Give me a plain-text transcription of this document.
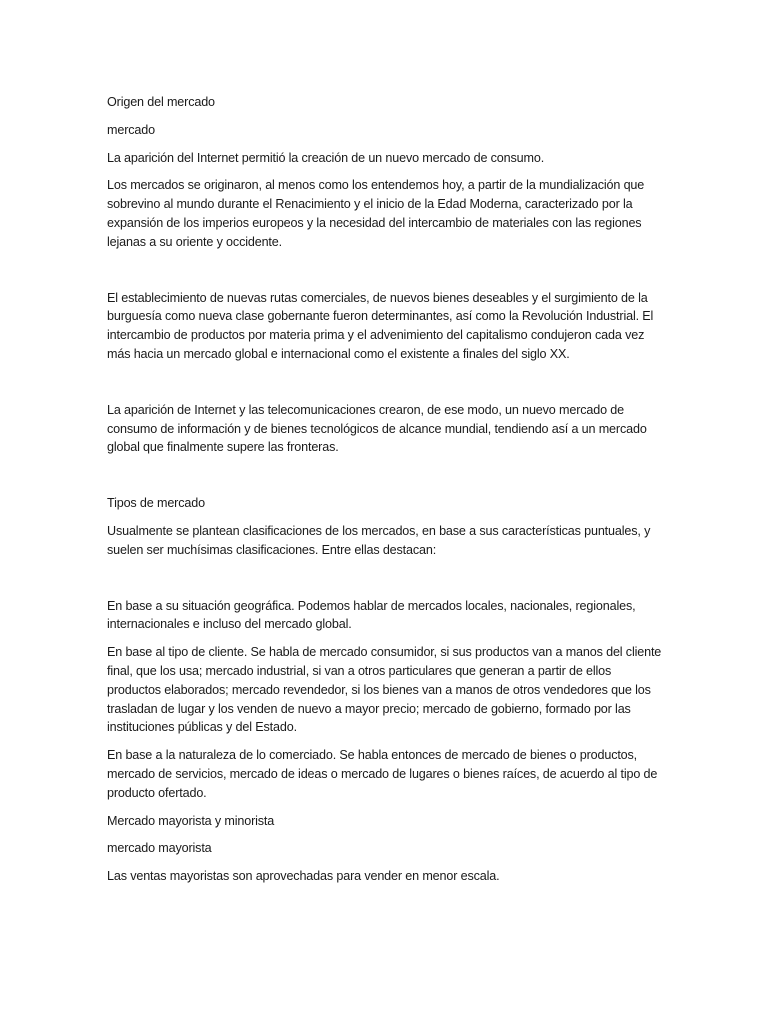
Origen del mercado

mercado

La aparición del Internet permitió la creación de un nuevo mercado de consumo.

Los mercados se originaron, al menos como los entendemos hoy, a partir de la mundialización que sobrevino al mundo durante el Renacimiento y el inicio de la Edad Moderna, caracterizado por la expansión de los imperios europeos y la necesidad del intercambio de materiales con las regiones lejanas a su oriente y occidente.

El establecimiento de nuevas rutas comerciales, de nuevos bienes deseables y el surgimiento de la burguesía como nueva clase gobernante fueron determinantes, así como la Revolución Industrial. El intercambio de productos por materia prima y el advenimiento del capitalismo condujeron cada vez más hacia un mercado global e internacional como el existente a finales del siglo XX.

La aparición de Internet y las telecomunicaciones crearon, de ese modo, un nuevo mercado de consumo de información y de bienes tecnológicos de alcance mundial, tendiendo así a un mercado global que finalmente supere las fronteras.

Tipos de mercado

Usualmente se plantean clasificaciones de los mercados, en base a sus características puntuales, y suelen ser muchísimas clasificaciones. Entre ellas destacan:

En base a su situación geográfica. Podemos hablar de mercados locales, nacionales, regionales, internacionales e incluso del mercado global.

En base al tipo de cliente. Se habla de mercado consumidor, si sus productos van a manos del cliente final, que los usa; mercado industrial, si van a otros particulares que generan a partir de ellos productos elaborados; mercado revendedor, si los bienes van a manos de otros vendedores que los trasladan de lugar y los venden de nuevo a mayor precio; mercado de gobierno, formado por las instituciones públicas y del Estado.

En base a la naturaleza de lo comerciado. Se habla entonces de mercado de bienes o productos, mercado de servicios, mercado de ideas o mercado de lugares o bienes raíces, de acuerdo al tipo de producto ofertado.

Mercado mayorista y minorista

mercado mayorista

Las ventas mayoristas son aprovechadas para vender en menor escala.
